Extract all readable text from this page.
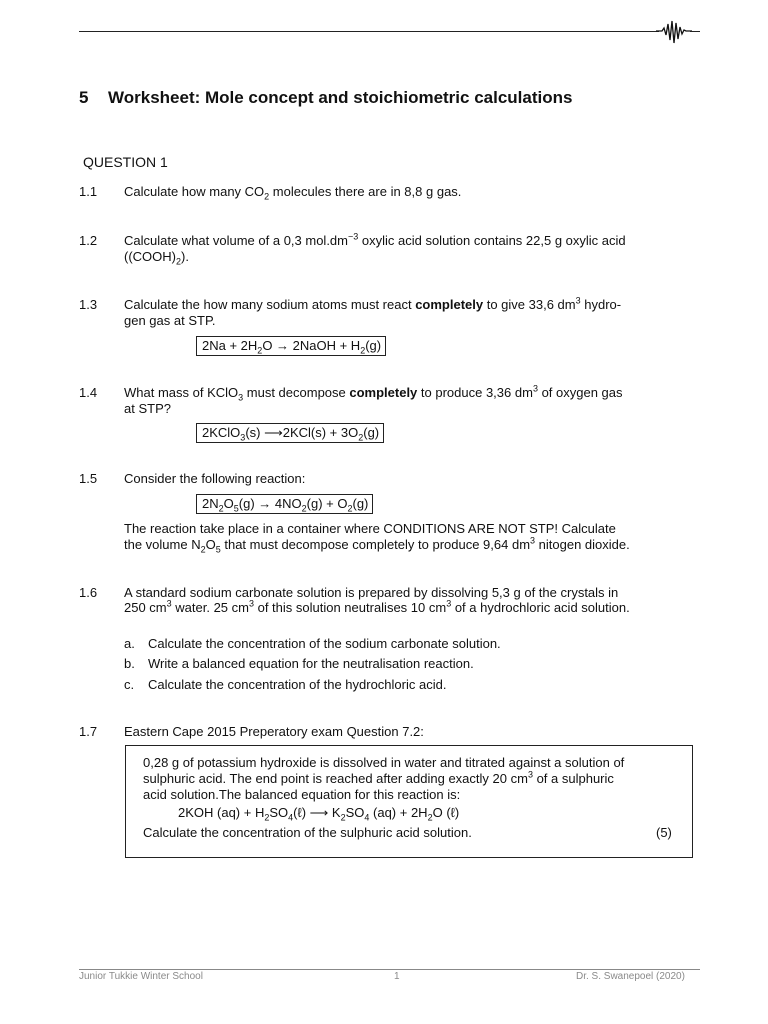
5 Worksheet: Mole concept and stoichiometric calculations
QUESTION 1
1.1 Calculate how many $CO_2$ molecules there are in 8,8 g gas.
1.2 Calculate what volume of a 0,3 $mol.dm^{-3}$ oxylic acid solution contains 22,5 g oxylic acid
$((COOH)_2)$.
1.3 Calculate the how many sodium atoms must react completely to give 33,6 $dm^3$ hydro-
gen gas at STP.
$2Na + 2H_2O$ → 2NaOH + $H_2(g)$
1.4 What mass of KClO$_3$ must decompose completely to produce 3,36 $dm^3$ of oxygen gas
at STP?
2KClO$_3$(s) ⟶2KCl(s) + $3O_2(g)$
1.5 Consider the following reaction:
$2N_2O_5(g) \to 4NO_2(g) + O_2(g)$
The reaction take place in a container where CONDITIONS ARE NOT STP! Calculate
the volume $N_2O_5$ that must decompose completely to produce 9,64 $dm^3$ nitogen dioxide.
1.6 A standard sodium carbonate solution is prepared by dissolving 5,3 g of the crystals in
250 $cm^3$ water. 25 $cm^3$ of this solution neutralises 10 $cm^3$ of a hydrochloric acid solution.
a. Calculate the concentration of the sodium carbonate solution.
b. Write a balanced equation for the neutralisation reaction.
c. Calculate the concentration of the hydrochloric acid.
1.7 Eastern Cape 2015 Preperatory exam Question 7.2:
0,28 g of potassium hydroxide is dissolved in water and titrated against a solution of
sulphuric acid. The end point is reached after adding exactly 20 $cm^3$ of a sulphuric
acid solution.The balanced equation for this reaction is:
2KOH $(aq) + H_2SO_4(\ell)$ ⟶ $K_2SO_4$ $(aq) + 2H_2O$ (ℓ)
Calculate the concentration of the sulphuric acid solution.	(5)
Junior Tukkie Winter School	1	Dr. S. Swanepoel (2020)
